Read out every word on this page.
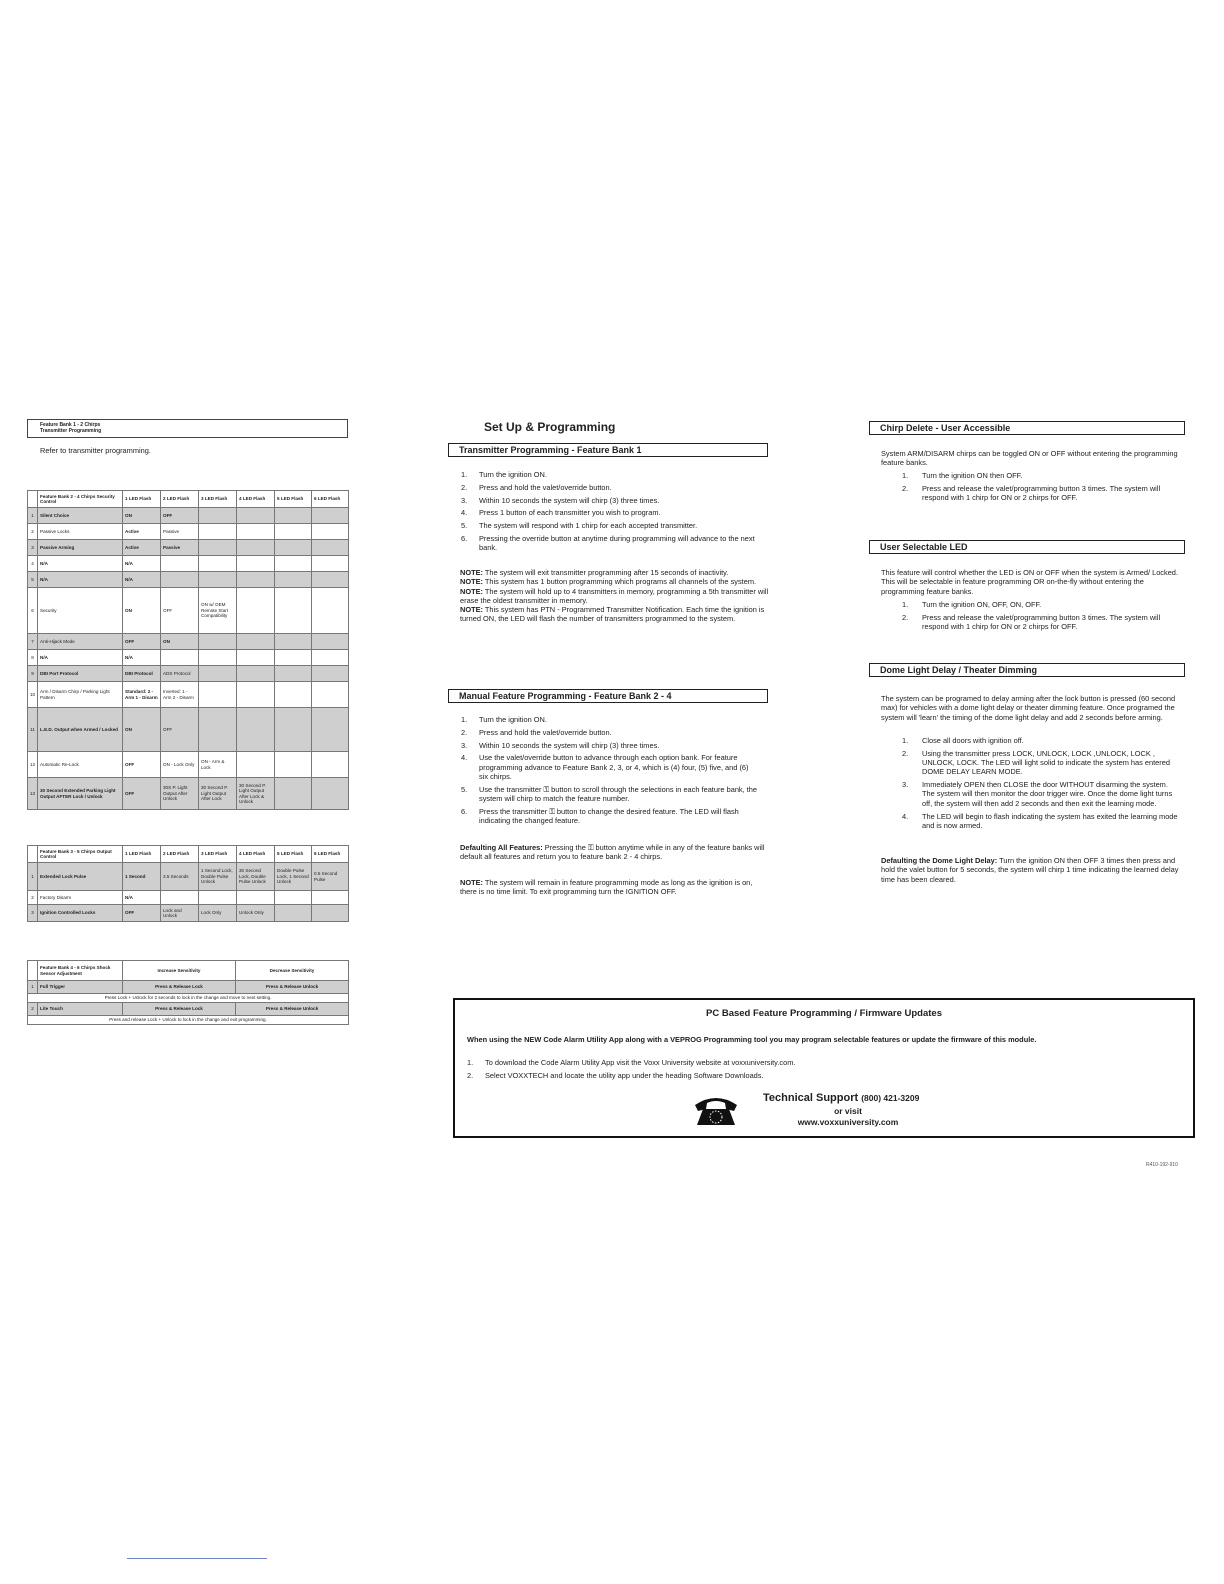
Feature Bank 1 - 2 Chirps
Transmitter Programming
Refer to transmitter programming.
	Feature Bank 2 - 4 Chirps Security Control	1 LED Flash	2 LED Flash	3 LED Flash	4 LED Flash	5 LED Flash	6 LED Flash
1	Silent Choice	ON	OFF				
2	Passive Locks	Active	Passive				
3	Passive Arming	Active	Passive				
4	N/A	N/A					
5	N/A	N/A					
6	Security	ON	OFF	ON w/ OEM Remote Start Compatibility			
7	Anti-Hijack Mode	OFF	ON				
8	N/A	N/A					
9	DBI Port Protocol	DBI Protocol	ADS Protocol				
10	Arm / Disarm Chirp / Parking Light Pattern	Standard: 2 - Arm 1 - Disarm	Inverted: 1 - Arm 2 - Disarm				
11	L.E.D. Output when Armed / Locked	ON	OFF				
12	Automatic Re-Lock	OFF	ON - Lock Only	ON - Arm & Lock			
13	30 Second Extended Parking Light Output AFTER Lock / Unlock	OFF	30S P. Light Output After Unlock	30 Second P. Light Output After Lock	30 Second P. Light Output After Lock & Unlock		
	Feature Bank 3 - 5 Chirps Output Control	1 LED Flash	2 LED Flash	3 LED Flash	4 LED Flash	5 LED Flash	6 LED Flash
1	Extended Lock Pulse	1 Second	3.5 Seconds	1 Second Lock, Double Pulse Unlock	30 Second Lock, Double Pulse Unlock	Double Pulse Lock, 1 Second Unlock	0.5 Second Pulse
2	Factory Disarm	N/A					
3	Ignition Controlled Locks	OFF	Lock and Unlock	Lock Only	Unlock Only		
	Feature Bank 4 - 6 Chirps Shock Sensor Adjustment	Increase Sensitivity	Decrease Sensitivity
1	Full Trigger	Press & Release Lock	Press & Release Unlock
Press Lock + Unlock for 2 seconds to lock in the change and move to next setting.			
2	Lite Touch	Press & Release Lock	Press & Release Unlock
Press and release Lock + Unlock to lock in the change and exit programming.			
Set Up & Programming
Transmitter Programming - Feature Bank 1
1.	Turn the ignition ON.
2.	Press and hold the valet/override button.
3.	Within 10 seconds the system will chirp (3) three times.
4.	Press 1 button of each transmitter you wish to program.
5.	The system will respond with 1 chirp for each accepted transmitter.
6.	Pressing the override button at anytime during programming will advance to the next bank.
NOTE: The system will exit transmitter programming after 15 seconds of inactivity.
NOTE: This system has 1 button programming which programs all channels of the system.
NOTE: The system will hold up to 4 transmitters in memory, programming a 5th transmitter will erase the oldest transmitter in memory.
NOTE: This system has PTN - Programmed Transmitter Notification. Each time the ignition is turned ON, the LED will flash the number of transmitters programmed to the system.
Manual Feature Programming - Feature Bank 2 - 4
1.	Turn the ignition ON.
2.	Press and hold the valet/override button.
3.	Within 10 seconds the system will chirp (3) three times.
4.	Use the valet/override button to advance through each option bank. For feature programming advance to Feature Bank 2, 3, or 4, which is (4) four, (5) five, and (6) six chirps.
5.	Use the transmitter ⚿ button to scroll through the selections in each feature bank, the system will chirp to match the feature number.
6.	Press the transmitter ⚿ button to change the desired feature. The LED will flash indicating the changed feature.
Defaulting All Features: Pressing the ⚿ button anytime while in any of the feature banks will default all features and return you to feature bank 2 - 4 chirps.
NOTE: The system will remain in feature programming mode as long as the ignition is on, there is no time limit. To exit programming turn the IGNITION OFF.
Chirp Delete - User Accessible
System ARM/DISARM chirps can be toggled ON or OFF without entering the programming feature banks.
1.	Turn the ignition ON then OFF.
2.	Press and release the valet/programming button 3 times. The system will respond with 1 chirp for ON or 2 chirps for OFF.
User Selectable LED
This feature will control whether the LED is ON or OFF when the system is Armed/ Locked. This will be selectable in feature programming OR on-the-fly without entering the programming feature banks.
1.	Turn the ignition ON, OFF, ON, OFF.
2.	Press and release the valet/programming button 3 times. The system will respond with 1 chirp for ON or 2 chirps for OFF.
Dome Light Delay / Theater Dimming
The system can be programed to delay arming after the lock button is pressed (60 second max) for vehicles with a dome light delay or theater dimming feature. Once programed the system will 'learn' the timing of the dome light delay and add 2 seconds before arming.
1.	Close all doors with ignition off.
2.	Using the transmitter press LOCK, UNLOCK, LOCK ,UNLOCK, LOCK , UNLOCK, LOCK. The LED will light solid to indicate the system has entered DOME DELAY LEARN MODE.
3.	Immediately OPEN then CLOSE the door WITHOUT disarming the system. The system will then monitor the door trigger wire. Once the dome light turns off, the system will then add 2 seconds and then exit the learning mode.
4.	The LED will begin to flash indicating the system has exited the learning mode and is now armed.
Defaulting the Dome Light Delay: Turn the ignition ON then OFF 3 times then press and hold the valet button for 5 seconds, the system will chirp 1 time indicating the learned delay time has been cleared.
PC Based Feature Programming / Firmware Updates
When using the NEW Code Alarm Utility App along with a VEPROG Programming tool you may program selectable features or update the firmware of this module.
1.	To download the Code Alarm Utility App visit the Voxx University website at voxxuniversity.com.
2.	Select VOXXTECH and locate the utility app under the heading Software Downloads.
Technical Support (800) 421-3209
or visit
www.voxxuniversity.com
R410-192-910
